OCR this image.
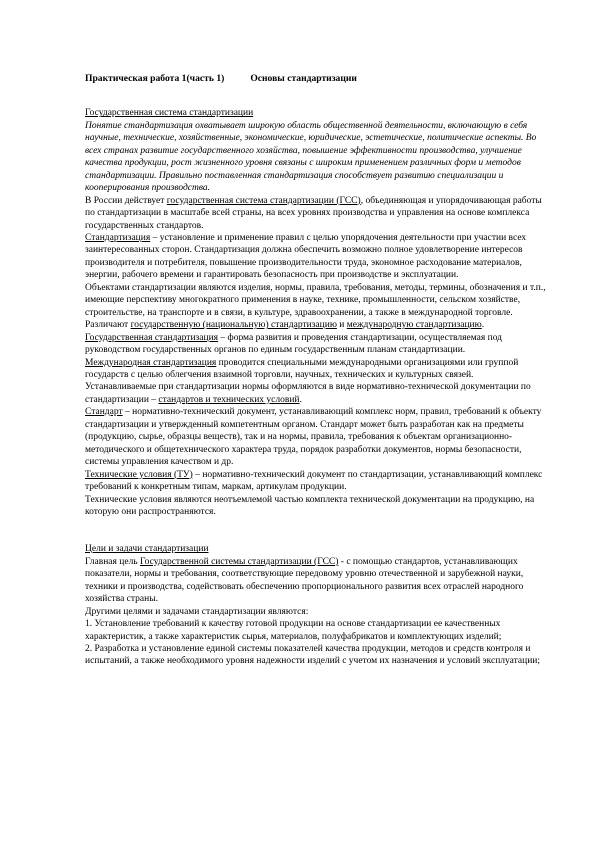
Практическая работа 1(часть 1)	Основы стандартизации

Государственная система стандартизации

Понятие стандартизация охватывает широкую область общественной деятельности, включающую в себя научные, технические, хозяйственные, экономические, юридические, эстетические, политические аспекты. Во всех странах развитие государственного хозяйства, повышение эффективности производства, улучшение качества продукции, рост жизненного уровня связаны с широким применением различных форм и методов стандартизации. Правильно поставленная стандартизация способствует развитию специализации и кооперирования производства.

В России действует государственная система стандартизации (ГСС), объединяющая и упорядочивающая работы по стандартизации в масштабе всей страны, на всех уровнях производства и управления на основе комплекса государственных стандартов.

Стандартизация – установление и применение правил с целью упорядочения деятельности при участии всех заинтересованных сторон. Стандартизация должна обеспечить возможно полное удовлетворение интересов производителя и потребителя, повышение производительности труда, экономное расходование материалов, энергии, рабочего времени и гарантировать безопасность при производстве и эксплуатации.

Объектами стандартизации являются изделия, нормы, правила, требования, методы, термины, обозначения и т.п., имеющие перспективу многократного применения в науке, технике, промышленности, сельском хозяйстве, строительстве, на транспорте и в связи, в культуре, здравоохранении, а также в международной торговле.

Различают государственную (национальную) стандартизацию и международную стандартизацию.

Государственная стандартизация – форма развития и проведения стандартизации, осуществляемая под руководством государственных органов по единым государственным планам стандартизации.

Международная стандартизация проводится специальными международными организациями или группой государств с целью облегчения взаимной торговли, научных, технических и культурных связей.

Устанавливаемые при стандартизации нормы оформляются в виде нормативно-технической документации по стандартизации – стандартов и технических условий.

Стандарт – нормативно-технический документ, устанавливающий комплекс норм, правил, требований к объекту стандартизации и утвержденный компетентным органом. Стандарт может быть разработан как на предметы (продукцию, сырье, образцы веществ), так и на нормы, правила, требования к объектам организационно-методического и общетехнического характера труда, порядок разработки документов, нормы безопасности, системы управления качеством и др.

Технические условия (ТУ) – нормативно-технический документ по стандартизации, устанавливающий комплекс требований к конкретным типам, маркам, артикулам продукции.

Технические условия являются неотъемлемой частью комплекта технической документации на продукцию, на которую они распространяются.

Цели и задачи стандартизации

Главная цель Государственной системы стандартизации (ГСС) - с помощью стандартов, устанавливающих показатели, нормы и требования, соответствующие передовому уровню отечественной и зарубежной науки, техники и производства, содействовать обеспечению пропорционального развития всех отраслей народного хозяйства страны.

Другими целями и задачами стандартизации являются:

1. Установление требований к качеству готовой продукции на основе стандартизации ее качественных характеристик, а также характеристик сырья, материалов, полуфабрикатов и комплектующих изделий;

2. Разработка и установление единой системы показателей качества продукции, методов и средств контроля и испытаний, а также необходимого уровня надежности изделий с учетом их назначения и условий эксплуатации;
